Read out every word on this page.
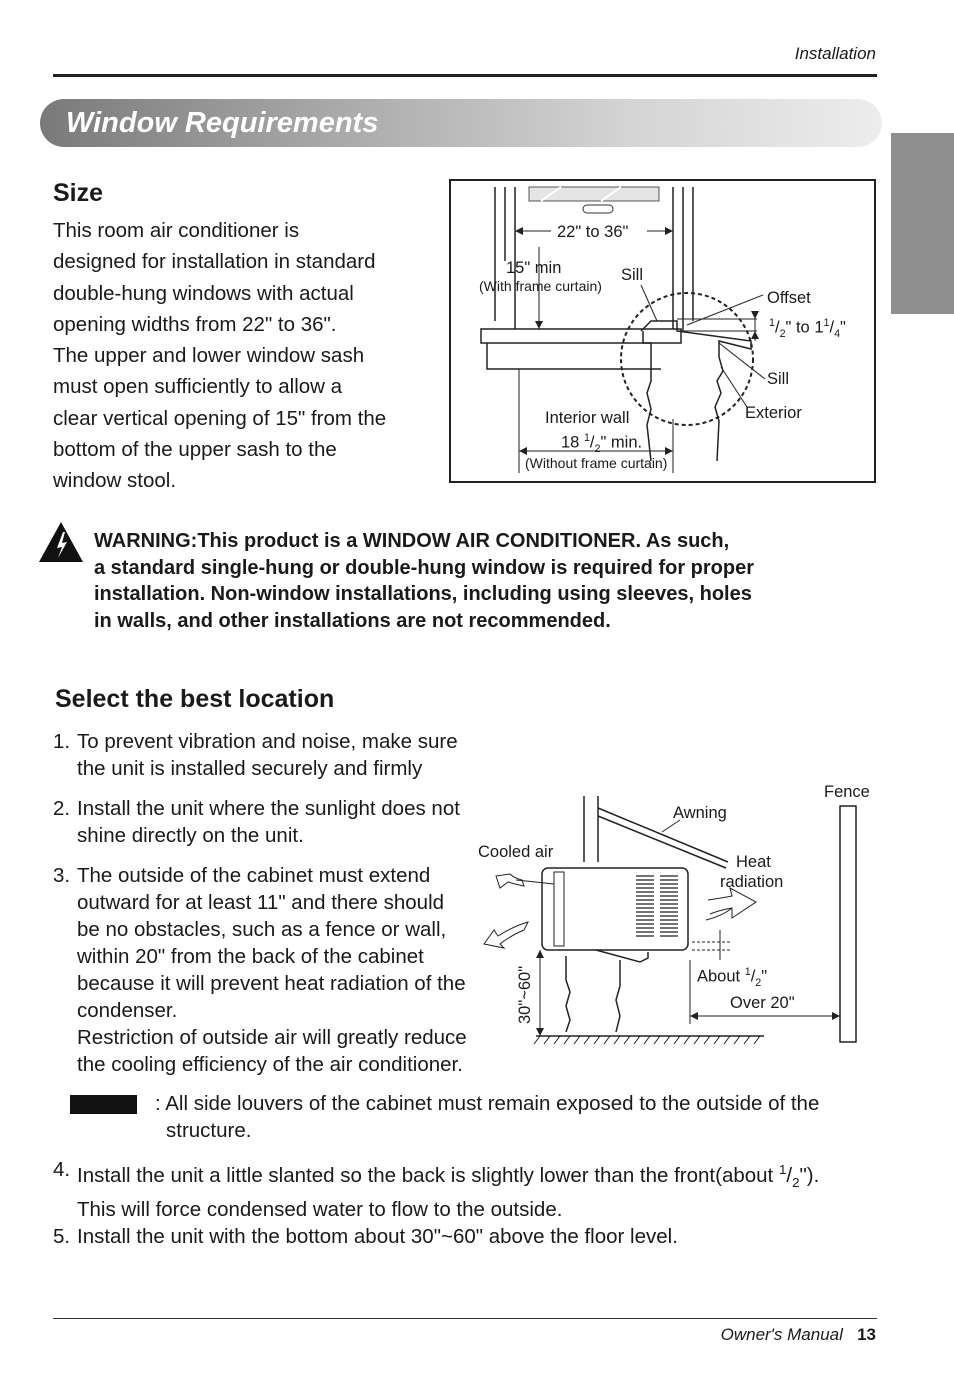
Installation
Window Requirements
Size
This room air conditioner is
designed for installation in standard
double-hung windows with actual
opening widths from 22" to 36".
The upper and lower window sash
must open sufficiently to allow a
clear vertical opening of 15" from the
bottom of the upper sash to the
window stool.
22" to 36"
15" min
(With frame curtain)
Sill
Offset
$^1/_2$" to $1^1/_4$"
Sill
Exterior
Interior wall
18 $^1/_2$" min.
(Without frame curtain)
WARNING:This product is a WINDOW AIR CONDITIONER. As such,
a standard single-hung or double-hung window is required for proper
installation. Non-window installations, including using sleeves, holes
in walls, and other installations are not recommended.
Select the best location
1. To prevent vibration and noise, make sure
the unit is installed securely and firmly
2. Install the unit where the sunlight does not
shine directly on the unit.
3. The outside of the cabinet must extend
outward for at least 11" and there should
be no obstacles, such as a fence or wall,
within 20" from the back of the cabinet
because it will prevent heat radiation of the
condenser.
Restriction of outside air will greatly reduce
the cooling efficiency of the air conditioner.
Fence
Awning
Cooled air
Heat
radiation
About $^1/_2$"
Over 20"
30"~60"
: All side louvers of the cabinet must remain exposed to the outside of the
structure.
4. Install the unit a little slanted so the back is slightly lower than the front(about $^1/_2$").
This will force condensed water to flow to the outside.
5. Install the unit with the bottom about 30"~60" above the floor level.
Owner's Manual 13
